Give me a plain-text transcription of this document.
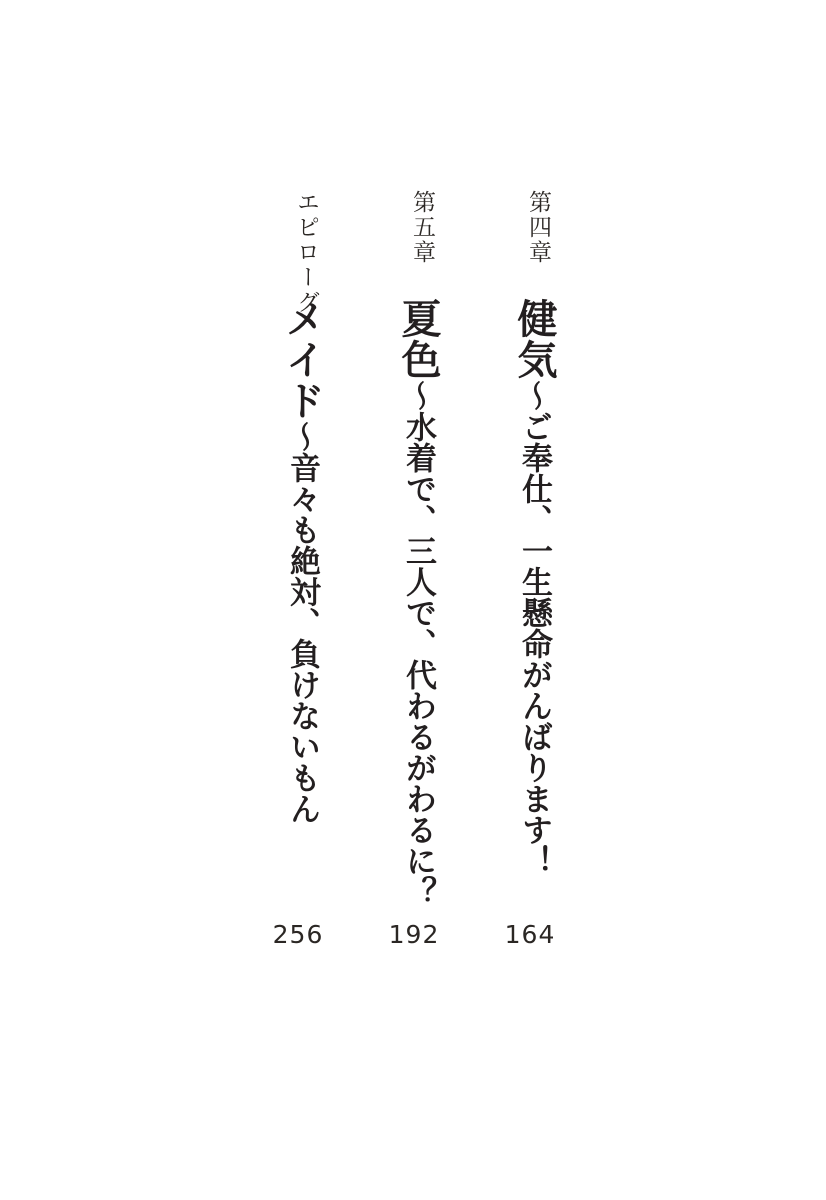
第四章
健気〜ご奉仕、一生懸命がんばります！
第五章
夏色〜水着で、三人で、代わるがわるに？
エピローグ
メイド〜音々も絶対、負けないもん
164
192
256
